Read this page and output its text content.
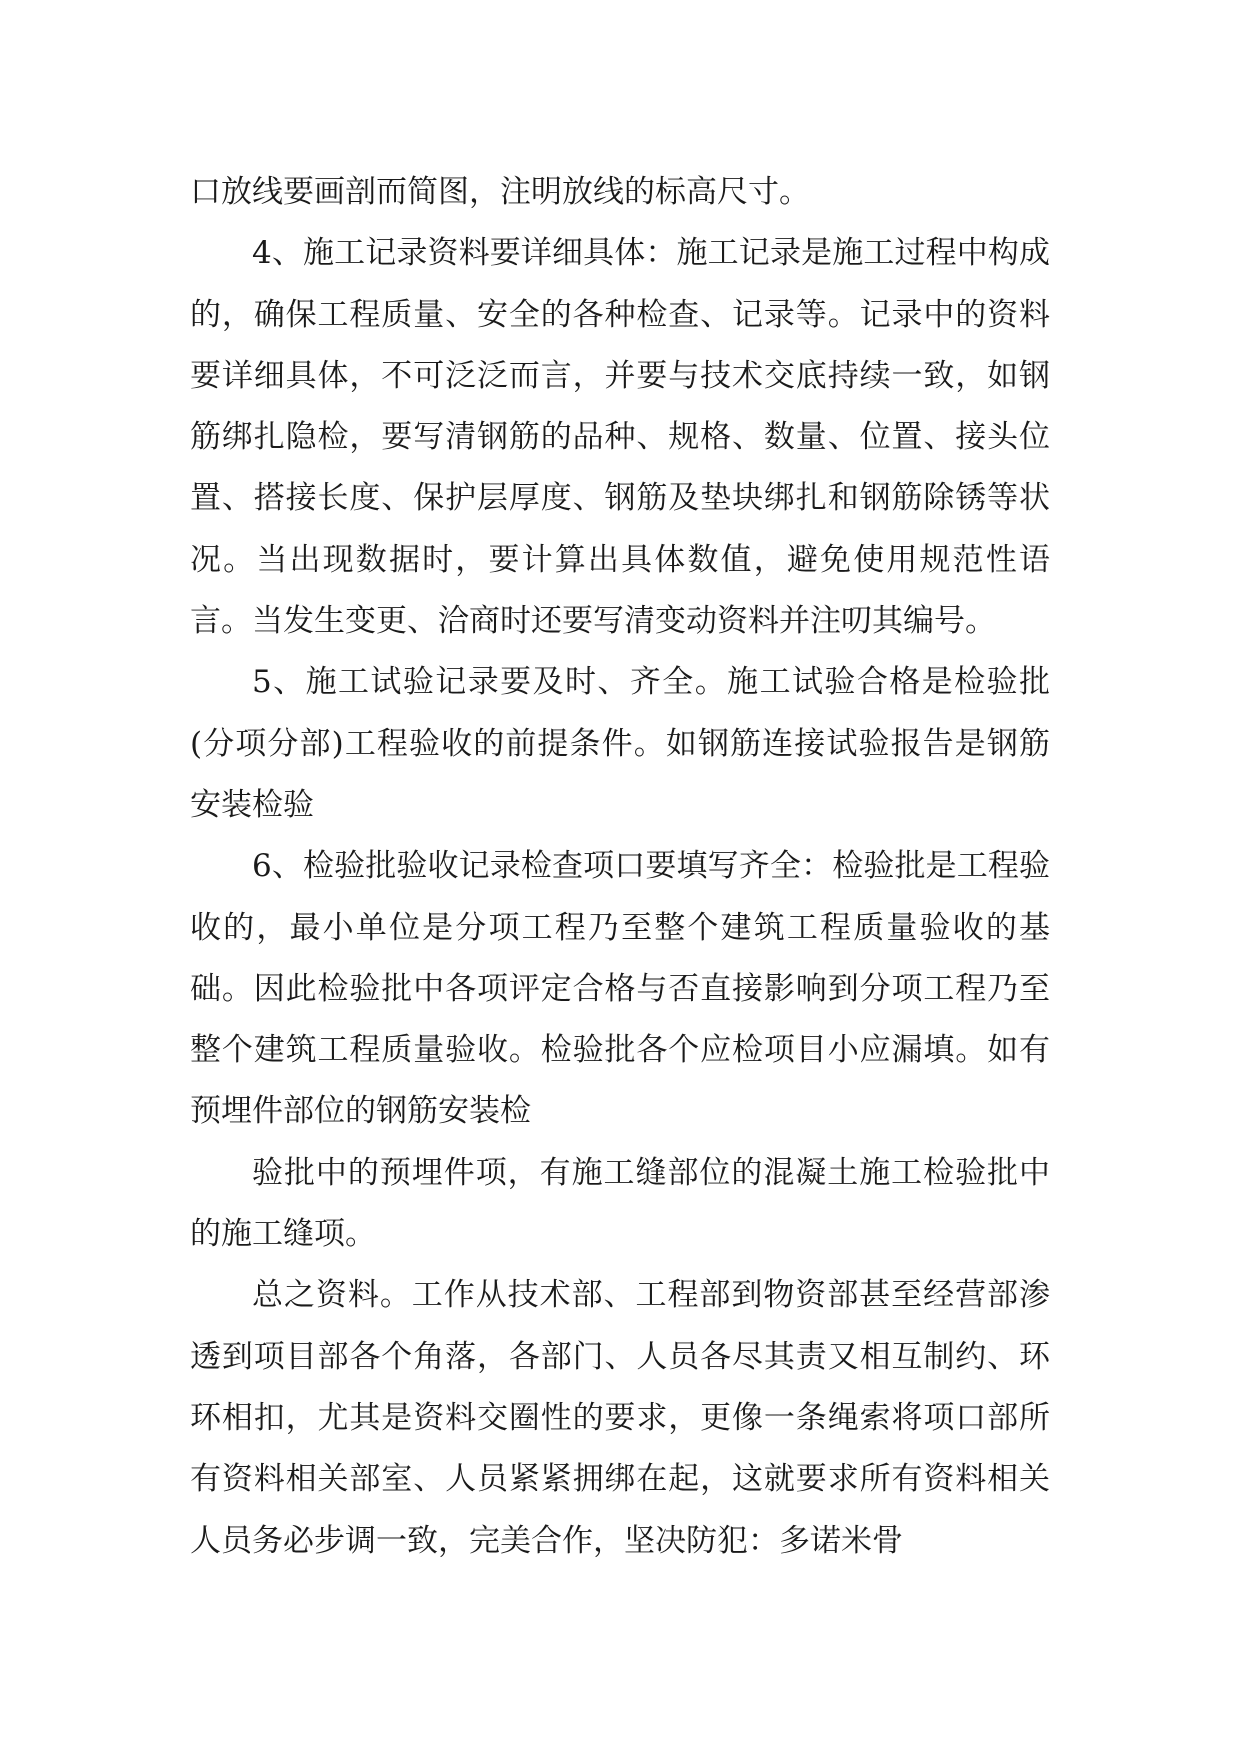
口放线要画剖而简图，注明放线的标高尺寸。

4、施工记录资料要详细具体：施工记录是施工过程中构成的，确保工程质量、安全的各种检查、记录等。记录中的资料要详细具体，不可泛泛而言，并要与技术交底持续一致，如钢筋绑扎隐检，要写清钢筋的品种、规格、数量、位置、接头位置、搭接长度、保护层厚度、钢筋及垫块绑扎和钢筋除锈等状况。当出现数据时，要计算出具体数值，避免使用规范性语言。当发生变更、洽商时还要写清变动资料并注叨其编号。

5、施工试验记录要及时、齐全。施工试验合格是检验批(分项分部)工程验收的前提条件。如钢筋连接试验报告是钢筋安装检验

6、检验批验收记录检查项口要填写齐全：检验批是工程验收的，最小单位是分项工程乃至整个建筑工程质量验收的基础。因此检验批中各项评定合格与否直接影响到分项工程乃至整个建筑工程质量验收。检验批各个应检项目小应漏填。如有预埋件部位的钢筋安装检

验批中的预埋件项，有施工缝部位的混凝土施工检验批中的施工缝项。

总之资料。工作从技术部、工程部到物资部甚至经营部渗透到项目部各个角落，各部门、人员各尽其责又相互制约、环环相扣，尤其是资料交圈性的要求，更像一条绳索将项口部所有资料相关部室、人员紧紧拥绑在起，这就要求所有资料相关人员务必步调一致，完美合作，坚决防犯：多诺米骨
